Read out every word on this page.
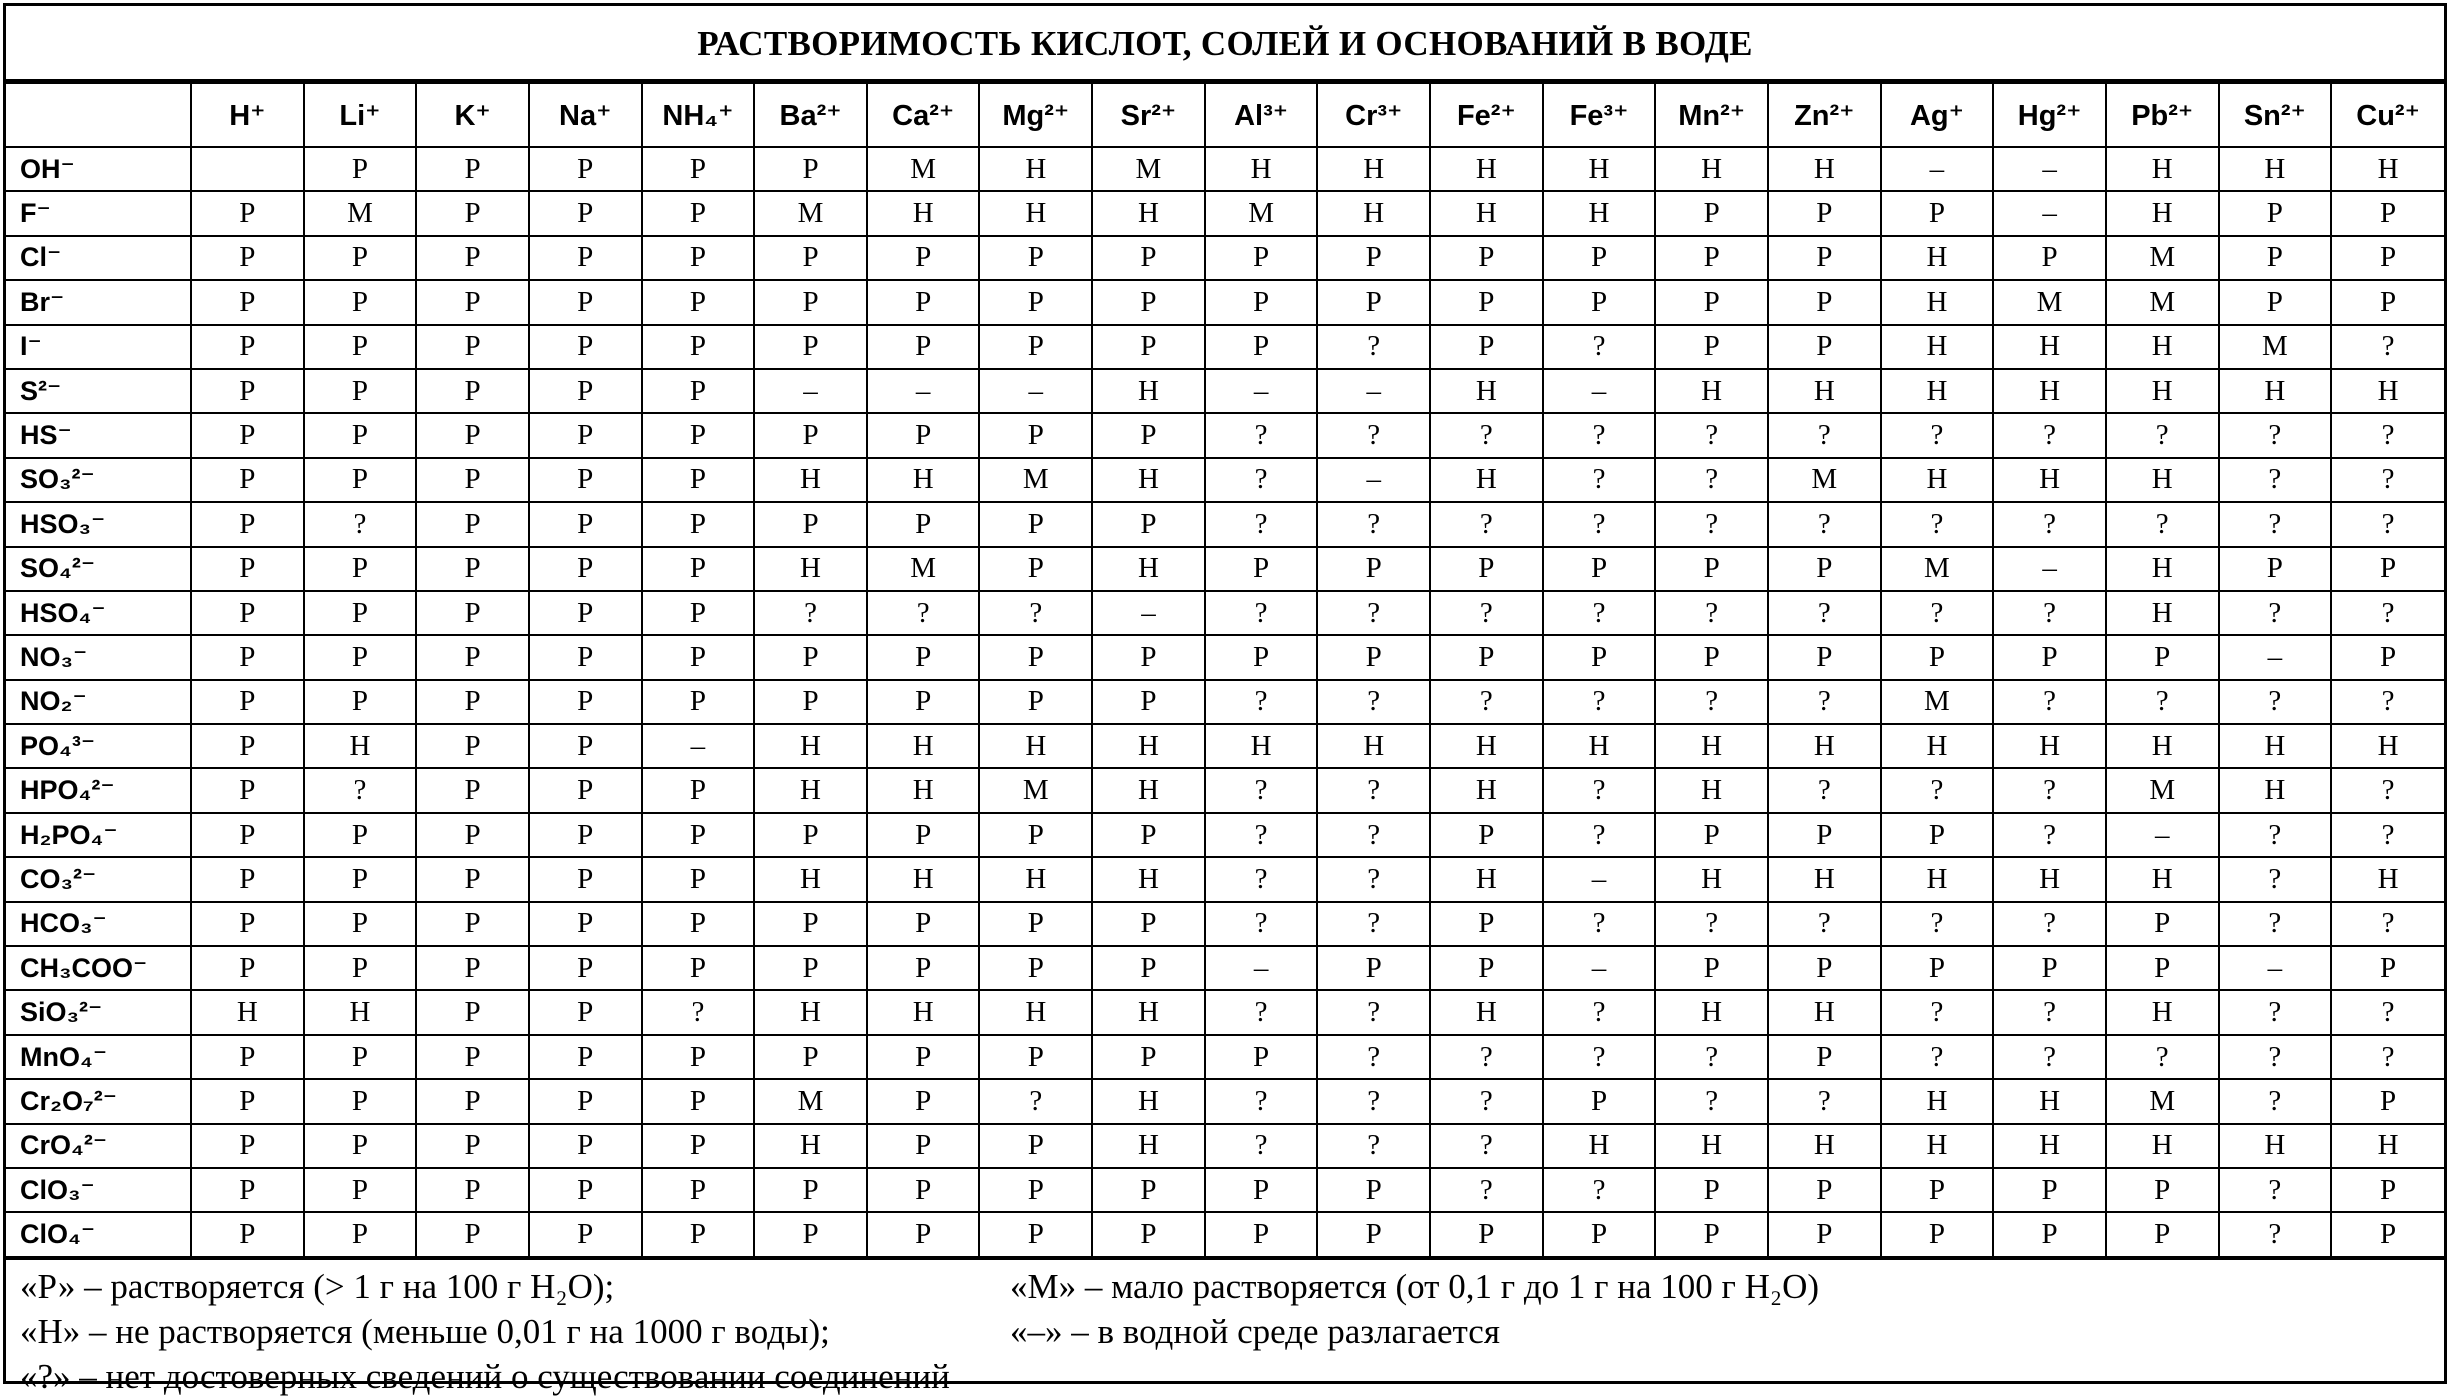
РАСТВОРИМОСТЬ КИСЛОТ, СОЛЕЙ И ОСНОВАНИЙ В ВОДЕ
	H⁺	Li⁺	K⁺	Na⁺	NH₄⁺	Ba²⁺	Ca²⁺	Mg²⁺	Sr²⁺	Al³⁺	Cr³⁺	Fe²⁺	Fe³⁺	Mn²⁺	Zn²⁺	Ag⁺	Hg²⁺	Pb²⁺	Sn²⁺	Cu²⁺
OH⁻		Р	Р	Р	Р	Р	М	Н	М	Н	Н	Н	Н	Н	Н	–	–	Н	Н	Н
F⁻	Р	М	Р	Р	Р	М	Н	Н	Н	М	Н	Н	Н	Р	Р	Р	–	Н	Р	Р
Cl⁻	Р	Р	Р	Р	Р	Р	Р	Р	Р	Р	Р	Р	Р	Р	Р	Н	Р	М	Р	Р
Br⁻	Р	Р	Р	Р	Р	Р	Р	Р	Р	Р	Р	Р	Р	Р	Р	Н	М	М	Р	Р
I⁻	Р	Р	Р	Р	Р	Р	Р	Р	Р	Р	?	Р	?	Р	Р	Н	Н	Н	М	?
S²⁻	Р	Р	Р	Р	Р	–	–	–	Н	–	–	Н	–	Н	Н	Н	Н	Н	Н	Н
HS⁻	Р	Р	Р	Р	Р	Р	Р	Р	Р	?	?	?	?	?	?	?	?	?	?	?
SO₃²⁻	Р	Р	Р	Р	Р	Н	Н	М	Н	?	–	Н	?	?	М	Н	Н	Н	?	?
HSO₃⁻	Р	?	Р	Р	Р	Р	Р	Р	Р	?	?	?	?	?	?	?	?	?	?	?
SO₄²⁻	Р	Р	Р	Р	Р	Н	М	Р	Н	Р	Р	Р	Р	Р	Р	М	–	Н	Р	Р
HSO₄⁻	Р	Р	Р	Р	Р	?	?	?	–	?	?	?	?	?	?	?	?	Н	?	?
NO₃⁻	Р	Р	Р	Р	Р	Р	Р	Р	Р	Р	Р	Р	Р	Р	Р	Р	Р	Р	–	Р
NO₂⁻	Р	Р	Р	Р	Р	Р	Р	Р	Р	?	?	?	?	?	?	М	?	?	?	?
PO₄³⁻	Р	Н	Р	Р	–	Н	Н	Н	Н	Н	Н	Н	Н	Н	Н	Н	Н	Н	Н	Н
HPO₄²⁻	Р	?	Р	Р	Р	Н	Н	М	Н	?	?	Н	?	Н	?	?	?	М	Н	?
H₂PO₄⁻	Р	Р	Р	Р	Р	Р	Р	Р	Р	?	?	Р	?	Р	Р	Р	?	–	?	?
CO₃²⁻	Р	Р	Р	Р	Р	Н	Н	Н	Н	?	?	Н	–	Н	Н	Н	Н	Н	?	Н
HCO₃⁻	Р	Р	Р	Р	Р	Р	Р	Р	Р	?	?	Р	?	?	?	?	?	Р	?	?
CH₃COO⁻	Р	Р	Р	Р	Р	Р	Р	Р	Р	–	Р	Р	–	Р	Р	Р	Р	Р	–	Р
SiO₃²⁻	Н	Н	Р	Р	?	Н	Н	Н	Н	?	?	Н	?	Н	Н	?	?	Н	?	?
MnO₄⁻	Р	Р	Р	Р	Р	Р	Р	Р	Р	Р	?	?	?	?	Р	?	?	?	?	?
Cr₂O₇²⁻	Р	Р	Р	Р	Р	М	Р	?	Н	?	?	?	Р	?	?	Н	Н	М	?	Р
CrO₄²⁻	Р	Р	Р	Р	Р	Н	Р	Р	Н	?	?	?	Н	Н	Н	Н	Н	Н	Н	Н
ClO₃⁻	Р	Р	Р	Р	Р	Р	Р	Р	Р	Р	Р	?	?	Р	Р	Р	Р	Р	?	Р
ClO₄⁻	Р	Р	Р	Р	Р	Р	Р	Р	Р	Р	Р	Р	Р	Р	Р	Р	Р	Р	?	Р
«Р» – растворяется (> 1 г на 100 г H₂O);	«М» – мало растворяется (от 0,1 г до 1 г на 100 г H₂O)
«Н» – не растворяется (меньше 0,01 г на 1000 г воды);	«–» – в водной среде разлагается
«?» – нет достоверных сведений о существовании соединений
